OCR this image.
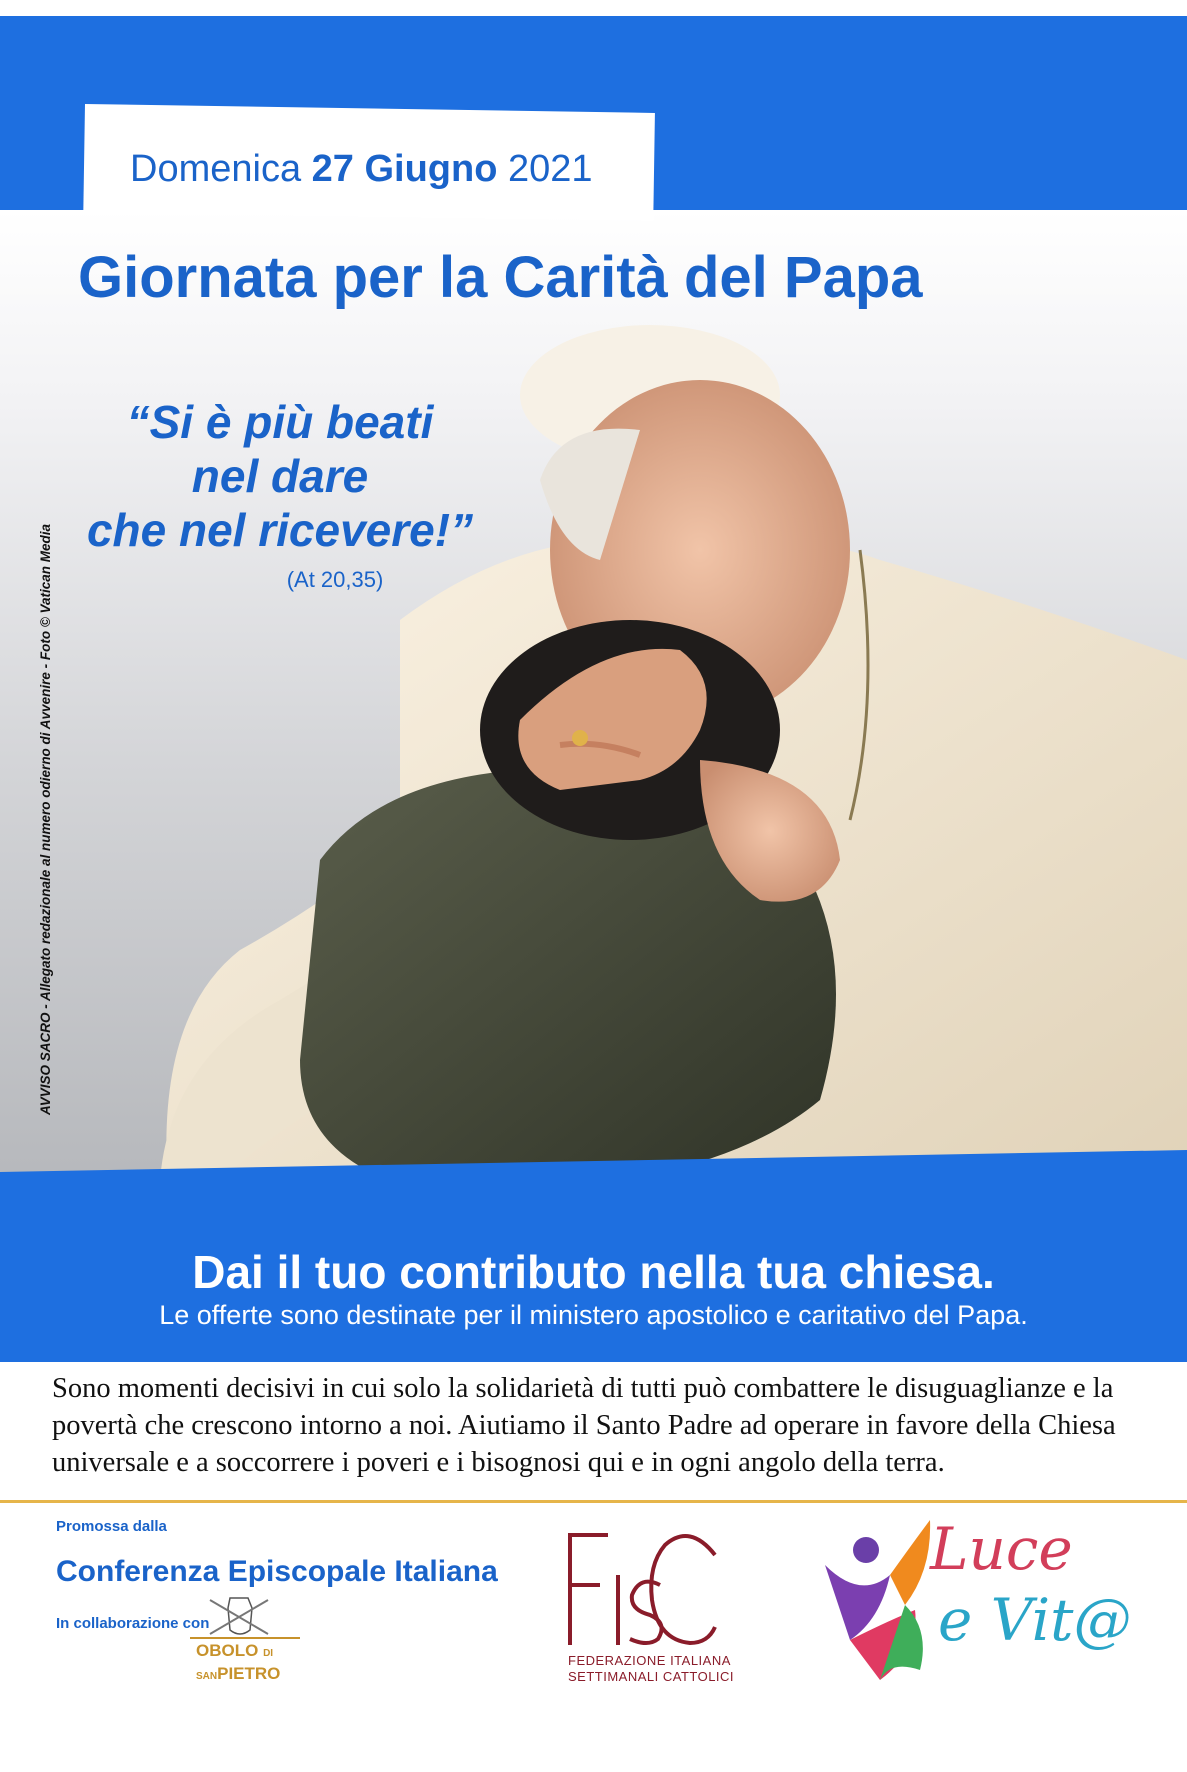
Domenica 27 Giugno 2021
Giornata per la Carità del Papa
“Si è più beati
nel dare
che nel ricevere!”
(At 20,35)
AVVISO SACRO - Allegato redazionale al numero odierno di Avvenire - Foto © Vatican Media
Dai il tuo contributo nella tua chiesa.
Le offerte sono destinate per il ministero apostolico e caritativo del Papa.
Sono momenti decisivi in cui solo la solidarietà di tutti può combattere le disuguaglianze e la povertà che crescono intorno a noi. Aiutiamo il Santo Padre ad operare in favore della Chiesa universale e a soccorrere i poveri e i bisognosi qui e in ogni angolo della terra.
Promossa dalla
Conferenza Episcopale Italiana
In collaborazione con
OBOLO DI
SANPIETRO
FEDERAZIONE ITALIANA
SETTIMANALI CATTOLICI
Luce
e Vit@
